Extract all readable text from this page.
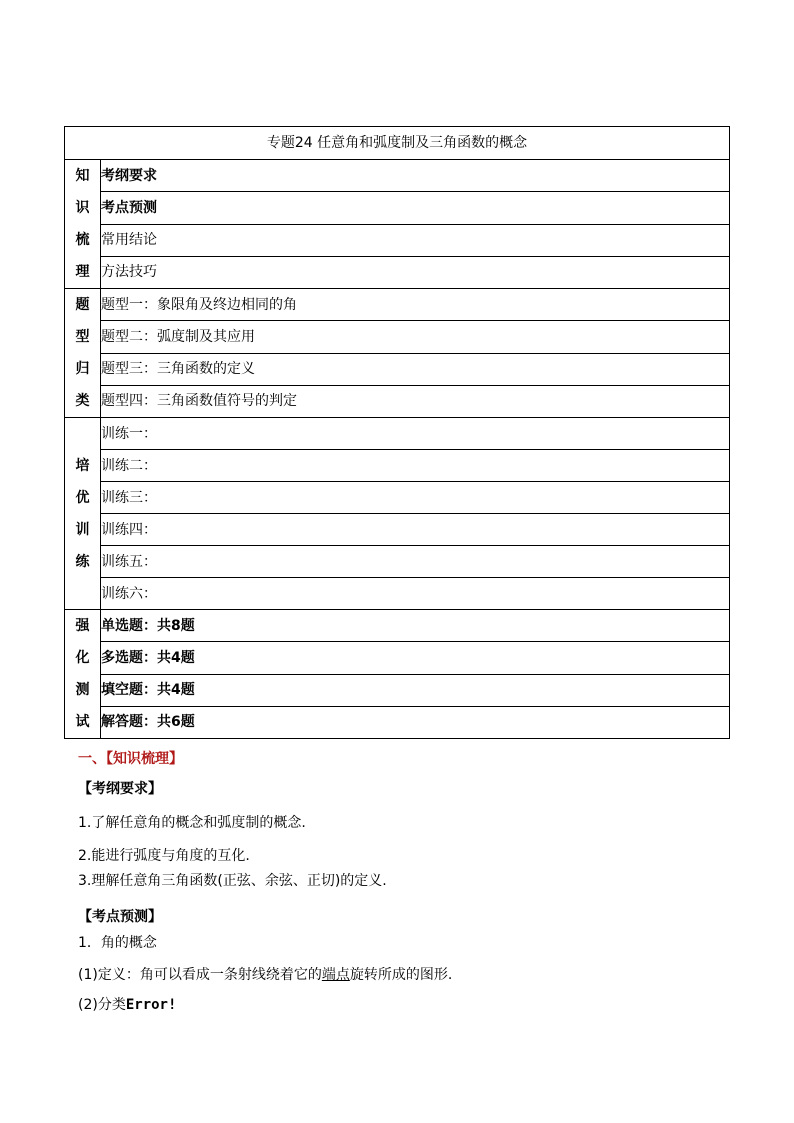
专题24 任意角和弧度制及三角函数的概念	

知
识
梳
理	考纲要求
	考点预测
	常用结论
	方法技巧

题
型
归
类	题型一：象限角及终边相同的角
	题型二：弧度制及其应用
	题型三：三角函数的定义
	题型四：三角函数值符号的判定

培
优
训
练	训练一：
	训练二：
	训练三：
	训练四：
	训练五：
	训练六：

强
化
测
试	单选题：共8题
	多选题：共4题
	填空题：共4题
	解答题：共6题
一、【知识梳理】
【考纲要求】
1.了解任意角的概念和弧度制的概念.
2.能进行弧度与角度的互化.
3.理解任意角三角函数(正弦、余弦、正切)的定义.
【考点预测】
1．角的概念
(1)定义：角可以看成一条射线绕着它的端点旋转所成的图形.
(2)分类Error!
